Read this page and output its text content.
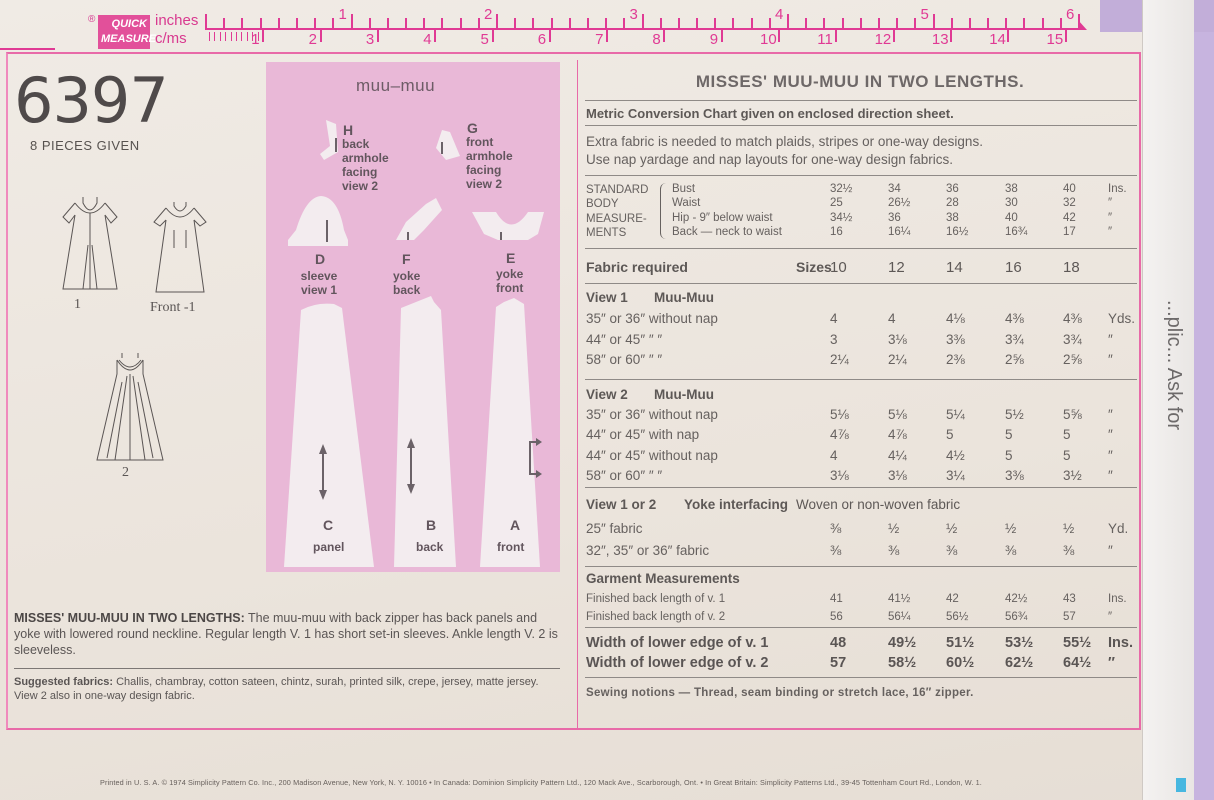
...plic... Ask for
®	QUICK
MEASURE
inches
c/ms
1	2	3	4	5	6
1	2	3	4	5	6	7	8	9	10	11	12	13	14	15
6397
8 PIECES GIVEN
1	Front -1
2
muu–muu
H
back
armhole
facing
view 2
G
front
armhole
facing
view 2
D
sleeve
view 1
F
yoke
back
E
yoke
front
C
panel
B
back
A
front
MISSES' MUU-MUU IN TWO LENGTHS: The muu-muu with back zipper has back panels and yoke with lowered round neckline. Regular length V. 1 has short set-in sleeves. Ankle length V. 2 is sleeveless.
Suggested fabrics: Challis, chambray, cotton sateen, chintz, surah, printed silk, crepe, jersey, matte jersey. View 2 also in one-way design fabric.
MISSES' MUU-MUU IN TWO LENGTHS.
Metric Conversion Chart given on enclosed direction sheet.
Extra fabric is needed to match plaids, stripes or one-way designs.
Use nap yardage and nap layouts for one-way design fabrics.
STANDARD
BODY
MEASURE-
MENTS
Bust	32½	34	36	38	40	Ins.
Waist	25	26½	28	30	32	″
Hip - 9″ below waist	34½	36	38	40	42	″
Back — neck to waist	16	16¼	16½	16¾	17	″
Fabric required	10	12	14	16	18
Sizes
View 1 Muu-Muu
35″ or 36″ without nap	4	4	4⅛	4⅜	4⅜ Yds.
44″ or 45″ ″ ″	3	3⅛	3⅜	3¾	3¾ ″
58″ or 60″ ″ ″	2¼	2¼	2⅜	2⅝	2⅝ ″
View 2 Muu-Muu
35″ or 36″ without nap	5⅛	5⅛	5¼	5½	5⅝ ″
44″ or 45″ with nap	4⅞	4⅞	5	5	5	″
44″ or 45″ without nap	4	4¼	4½	5	5	″
58″ or 60″ ″ ″	3⅛	3⅛	3¼	3⅜	3½ ″
View 1 or 2 Yoke interfacing Woven or non-woven fabric
25″ fabric	⅜	½	½	½	½ Yd.
32″, 35″ or 36″ fabric	⅜	⅜	⅜	⅜	⅜ ″
Garment Measurements
Finished back length of v. 1	41	41½	42	42½	43	Ins.
Finished back length of v. 2	56	56¼	56½	56¾	57	″
Width of lower edge of v. 1	48	49½ 51½ 53½ 55½ Ins.
Width of lower edge of v. 2	57	58½ 60½ 62½ 64½ ″
Sewing notions — Thread, seam binding or stretch lace, 16″ zipper.
Printed in U. S. A. © 1974 Simplicity Pattern Co. Inc., 200 Madison Avenue, New York, N. Y. 10016 • In Canada: Dominion Simplicity Pattern Ltd., 120 Mack Ave., Scarborough, Ont. • In Great Britain: Simplicity Patterns Ltd., 39-45 Tottenham Court Rd., London, W. 1.
